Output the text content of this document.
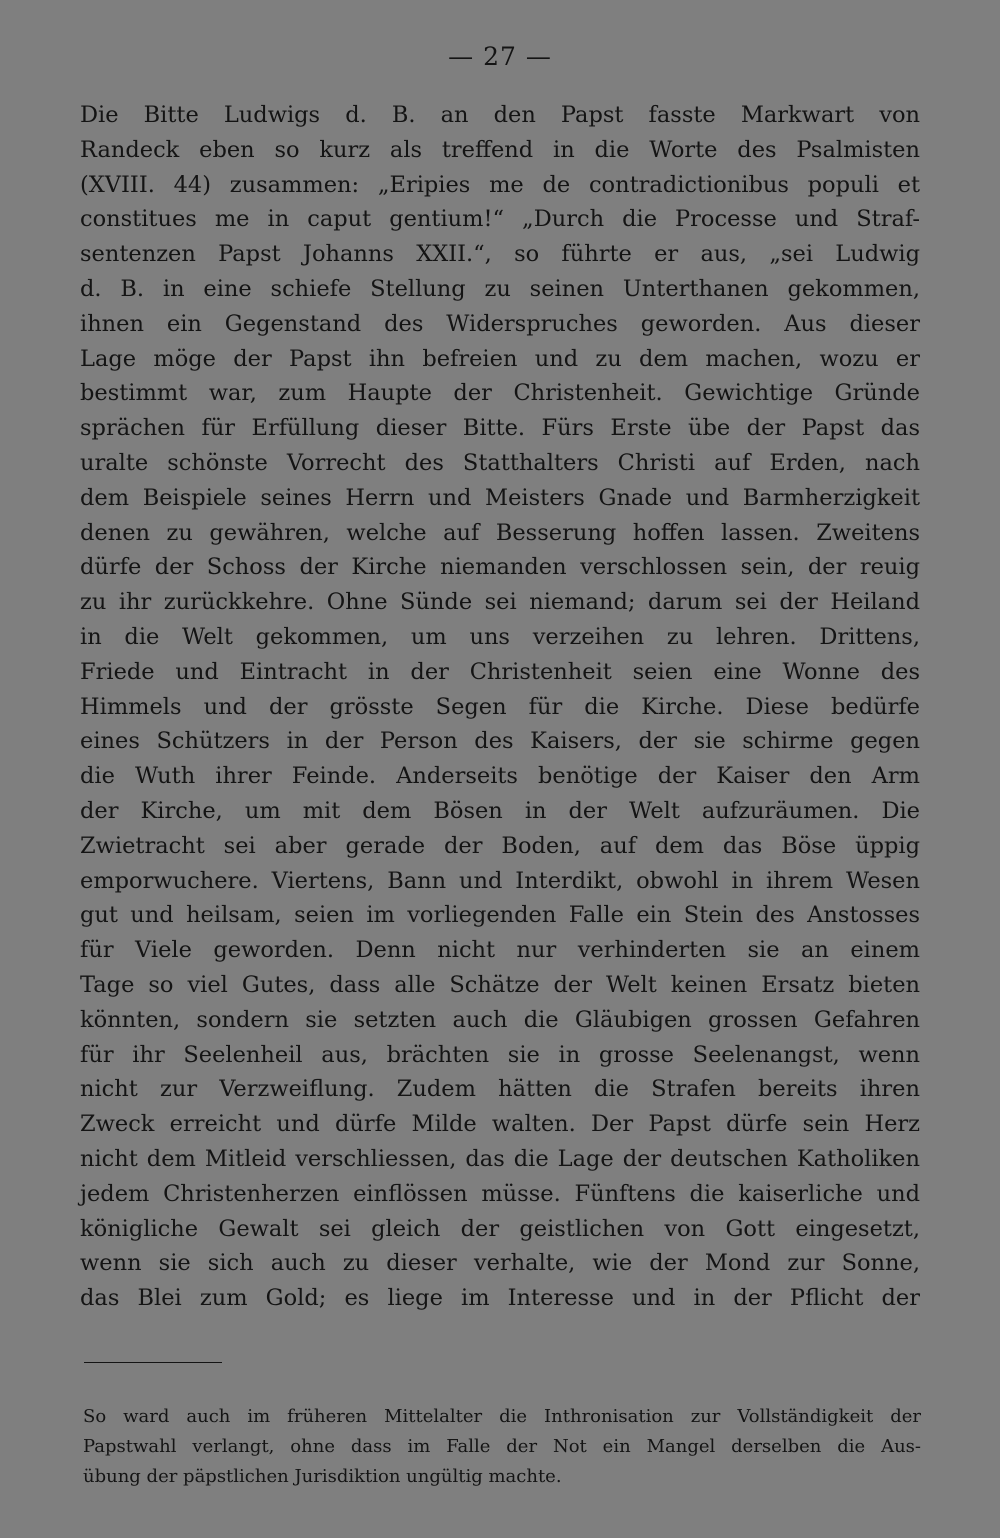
— 27 —
Die Bitte Ludwigs d. B. an den Papst fasste Markwart von
Randeck eben so kurz als treffend in die Worte des Psalmisten
(XVIII. 44) zusammen: „Eripies me de contradictionibus populi et
constitues me in caput gentium!“ „Durch die Processe und Straf-
sentenzen Papst Johanns XXII.“, so führte er aus, „sei Ludwig
d. B. in eine schiefe Stellung zu seinen Unterthanen gekommen,
ihnen ein Gegenstand des Widerspruches geworden. Aus dieser
Lage möge der Papst ihn befreien und zu dem machen, wozu er
bestimmt war, zum Haupte der Christenheit. Gewichtige Gründe
sprächen für Erfüllung dieser Bitte. Fürs Erste übe der Papst das
uralte schönste Vorrecht des Statthalters Christi auf Erden, nach
dem Beispiele seines Herrn und Meisters Gnade und Barmherzigkeit
denen zu gewähren, welche auf Besserung hoffen lassen. Zweitens
dürfe der Schoss der Kirche niemanden verschlossen sein, der reuig
zu ihr zurückkehre. Ohne Sünde sei niemand; darum sei der Heiland
in die Welt gekommen, um uns verzeihen zu lehren. Drittens,
Friede und Eintracht in der Christenheit seien eine Wonne des
Himmels und der grösste Segen für die Kirche. Diese bedürfe
eines Schützers in der Person des Kaisers, der sie schirme gegen
die Wuth ihrer Feinde. Anderseits benötige der Kaiser den Arm
der Kirche, um mit dem Bösen in der Welt aufzuräumen. Die
Zwietracht sei aber gerade der Boden, auf dem das Böse üppig
emporwuchere. Viertens, Bann und Interdikt, obwohl in ihrem Wesen
gut und heilsam, seien im vorliegenden Falle ein Stein des Anstosses
für Viele geworden. Denn nicht nur verhinderten sie an einem
Tage so viel Gutes, dass alle Schätze der Welt keinen Ersatz bieten
könnten, sondern sie setzten auch die Gläubigen grossen Gefahren
für ihr Seelenheil aus, brächten sie in grosse Seelenangst, wenn
nicht zur Verzweiflung. Zudem hätten die Strafen bereits ihren
Zweck erreicht und dürfe Milde walten. Der Papst dürfe sein Herz
nicht dem Mitleid verschliessen, das die Lage der deutschen Katholiken
jedem Christenherzen einflössen müsse. Fünftens die kaiserliche und
königliche Gewalt sei gleich der geistlichen von Gott eingesetzt,
wenn sie sich auch zu dieser verhalte, wie der Mond zur Sonne,
das Blei zum Gold; es liege im Interesse und in der Pflicht der
So ward auch im früheren Mittelalter die Inthronisation zur Vollständigkeit der
Papstwahl verlangt, ohne dass im Falle der Not ein Mangel derselben die Aus-
übung der päpstlichen Jurisdiktion ungültig machte.
